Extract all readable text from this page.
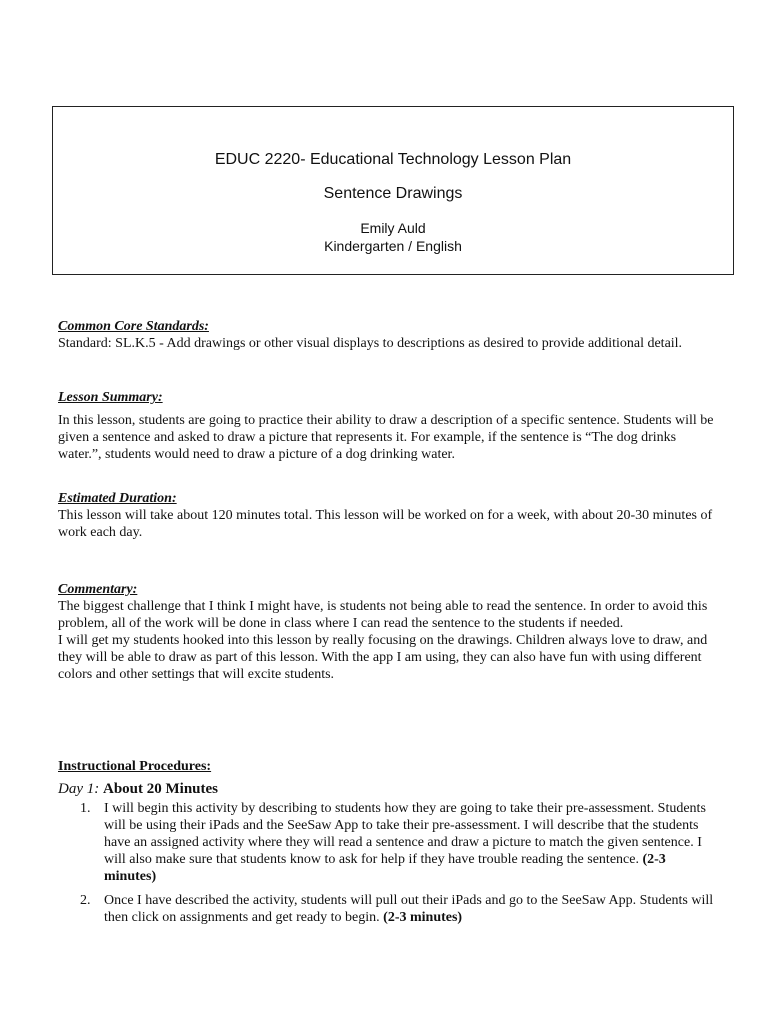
EDUC 2220- Educational Technology Lesson Plan
Sentence Drawings
Emily Auld
Kindergarten / English

Common Core Standards:

Standard: SL.K.5 - Add drawings or other visual displays to descriptions as desired to provide additional detail.

Lesson Summary:

In this lesson, students are going to practice their ability to draw a description of a specific sentence. Students will be given a sentence and asked to draw a picture that represents it. For example, if the sentence is “The dog drinks water.”, students would need to draw a picture of a dog drinking water.

Estimated Duration:

This lesson will take about 120 minutes total. This lesson will be worked on for a week, with about 20-30 minutes of work each day.

Commentary:

The biggest challenge that I think I might have, is students not being able to read the sentence. In order to avoid this problem, all of the work will be done in class where I can read the sentence to the students if needed.

I will get my students hooked into this lesson by really focusing on the drawings. Children always love to draw, and they will be able to draw as part of this lesson. With the app I am using, they can also have fun with using different colors and other settings that will excite students.

Instructional Procedures:

Day 1: About 20 Minutes

1. I will begin this activity by describing to students how they are going to take their pre-assessment. Students will be using their iPads and the SeeSaw App to take their pre-assessment. I will describe that the students have an assigned activity where they will read a sentence and draw a picture to match the given sentence. I will also make sure that students know to ask for help if they have trouble reading the sentence. (2-3 minutes)
2. Once I have described the activity, students will pull out their iPads and go to the SeeSaw App. Students will then click on assignments and get ready to begin. (2-3 minutes)
